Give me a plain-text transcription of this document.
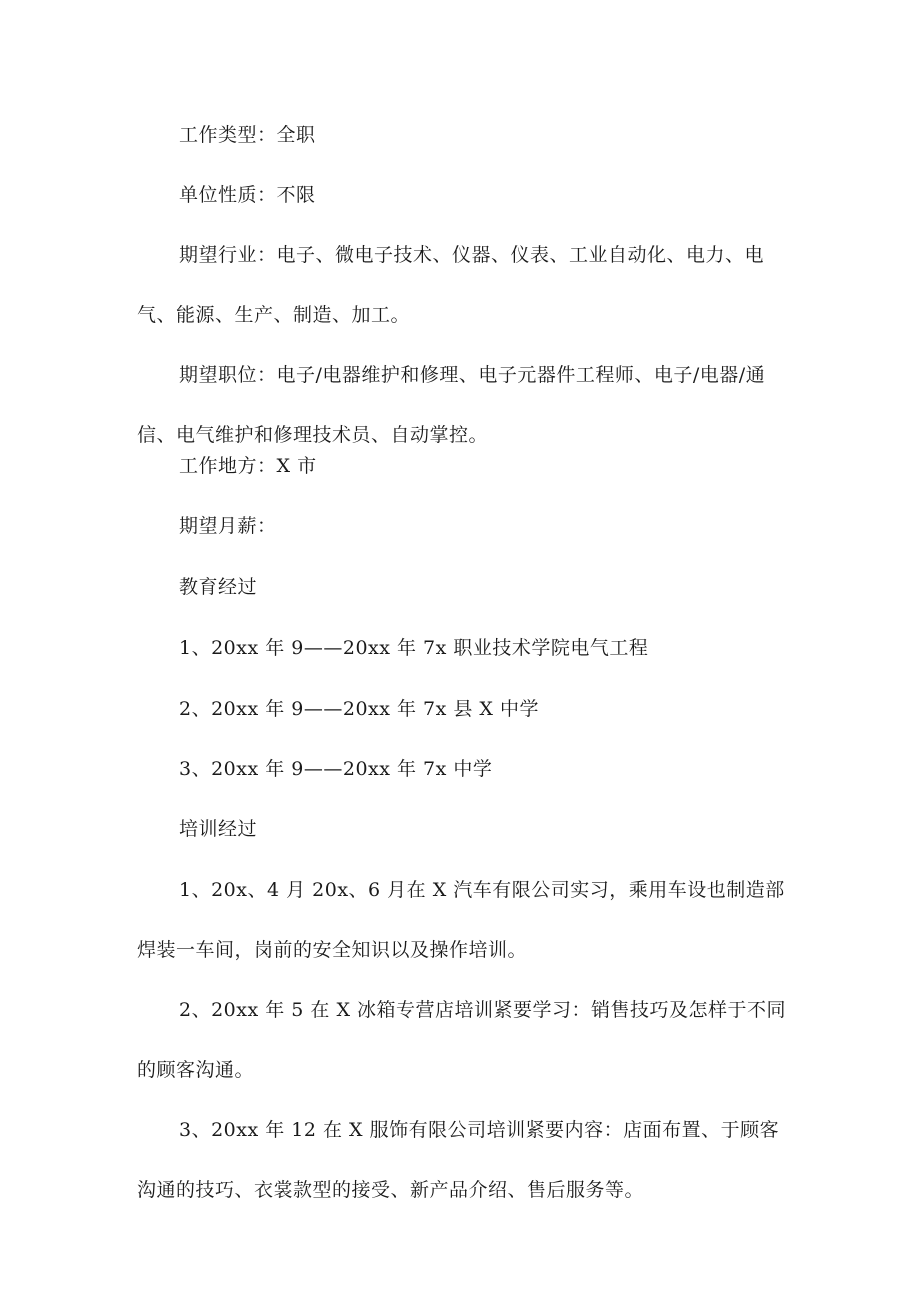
工作类型：全职

单位性质：不限

期望行业：电子、微电子技术、仪器、仪表、工业自动化、电力、电气、能源、生产、制造、加工。

期望职位：电子/电器维护和修理、电子元器件工程师、电子/电器/通信、电气维护和修理技术员、自动掌控。

工作地方：X 市

期望月薪：

教育经过

1、20xx 年 9——20xx 年 7x 职业技术学院电气工程

2、20xx 年 9——20xx 年 7x 县 X 中学

3、20xx 年 9——20xx 年 7x 中学

培训经过

1、20x、4 月 20x、6 月在 X 汽车有限公司实习，乘用车设也制造部焊装一车间，岗前的安全知识以及操作培训。

2、20xx 年 5 在 X 冰箱专营店培训紧要学习：销售技巧及怎样于不同的顾客沟通。

3、20xx 年 12 在 X 服饰有限公司培训紧要内容：店面布置、于顾客沟通的技巧、衣裳款型的接受、新产品介绍、售后服务等。
